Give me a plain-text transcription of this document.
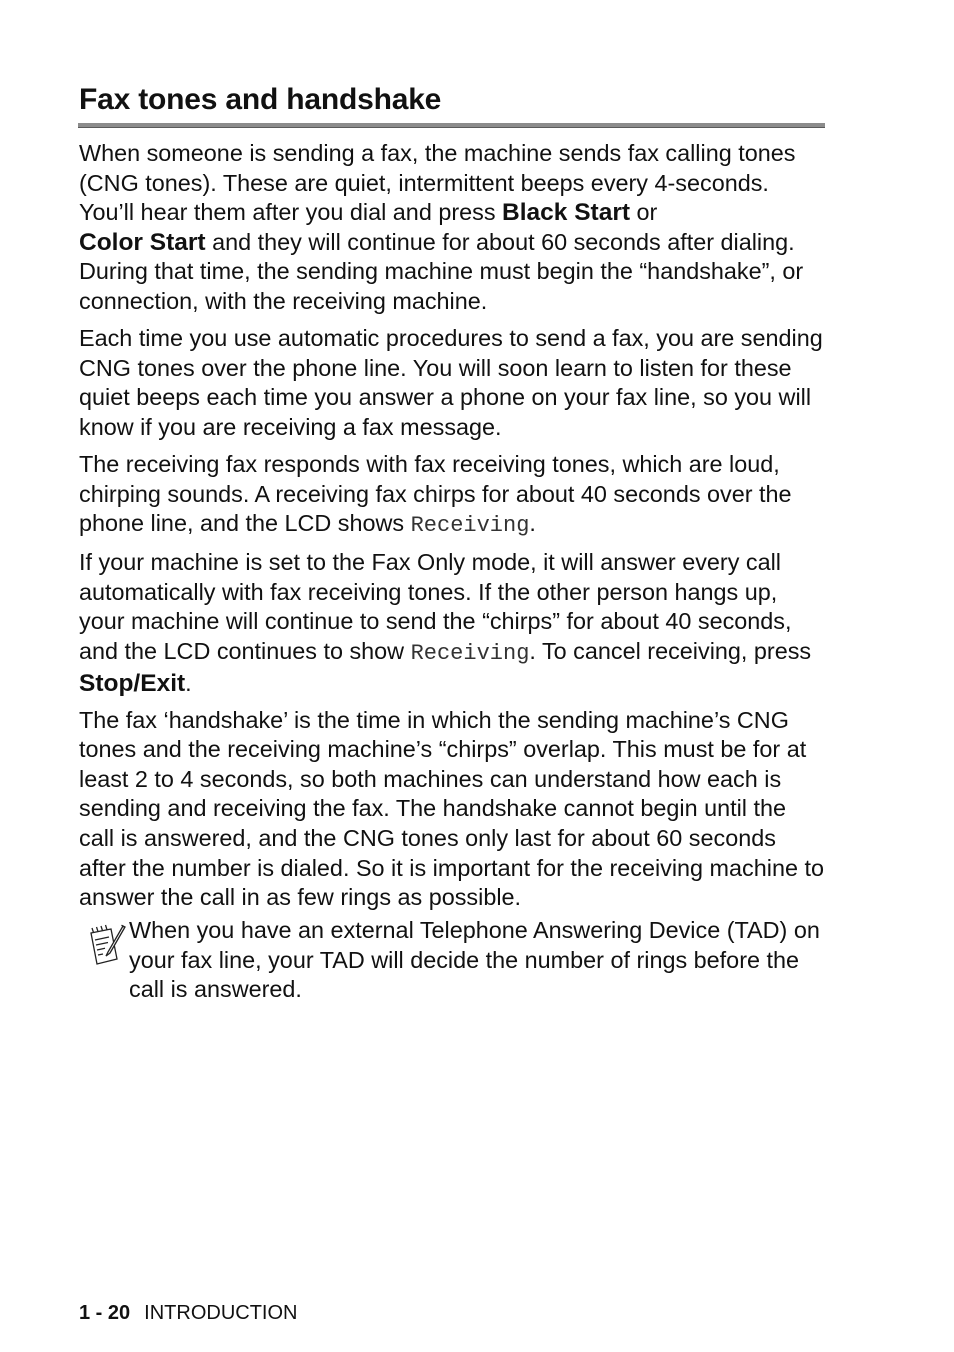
Fax tones and handshake

When someone is sending a fax, the machine sends fax calling tones (CNG tones). These are quiet, intermittent beeps every 4-seconds. You’ll hear them after you dial and press Black Start or
Color Start and they will continue for about 60 seconds after dialing. During that time, the sending machine must begin the “handshake”, or connection, with the receiving machine.

Each time you use automatic procedures to send a fax, you are sending CNG tones over the phone line. You will soon learn to listen for these quiet beeps each time you answer a phone on your fax line, so you will know if you are receiving a fax message.

The receiving fax responds with fax receiving tones, which are loud, chirping sounds. A receiving fax chirps for about 40 seconds over the phone line, and the LCD shows Receiving.

If your machine is set to the Fax Only mode, it will answer every call automatically with fax receiving tones. If the other person hangs up, your machine will continue to send the “chirps” for about 40 seconds, and the LCD continues to show Receiving. To cancel receiving, press Stop/Exit.

The fax ‘handshake’ is the time in which the sending machine’s CNG tones and the receiving machine’s “chirps” overlap. This must be for at least 2 to 4 seconds, so both machines can understand how each is sending and receiving the fax. The handshake cannot begin until the call is answered, and the CNG tones only last for about 60 seconds after the number is dialed. So it is important for the receiving machine to answer the call in as few rings as possible.

When you have an external Telephone Answering Device (TAD) on your fax line, your TAD will decide the number of rings before the call is answered.

1 - 20 INTRODUCTION
